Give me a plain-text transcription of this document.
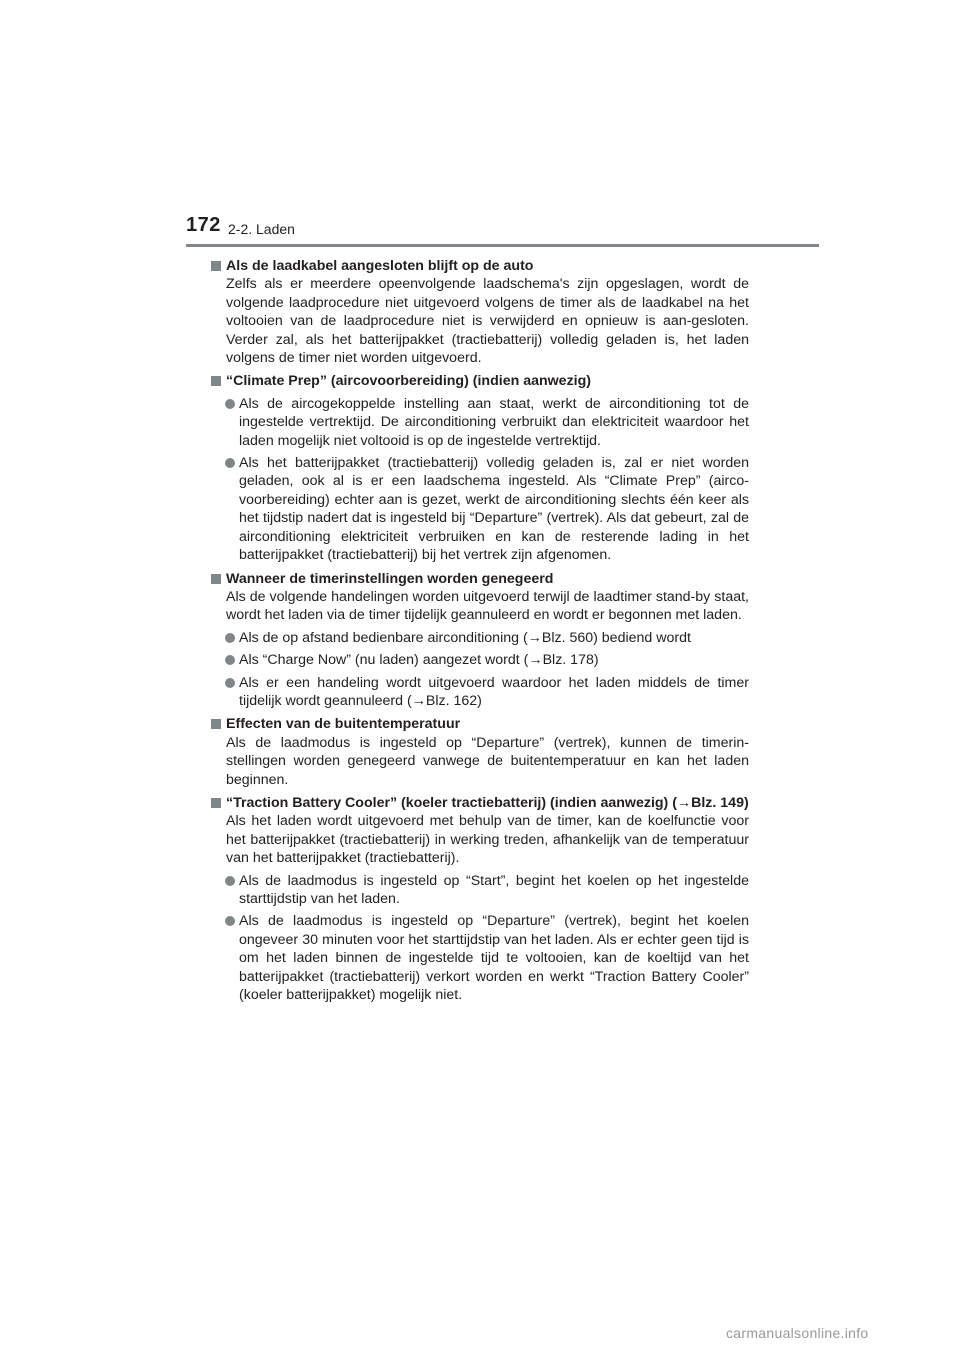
172 2-2. Laden
Als de laadkabel aangesloten blijft op de auto
Zelfs als er meerdere opeenvolgende laadschema's zijn opgeslagen, wordt de volgende laadprocedure niet uitgevoerd volgens de timer als de laadkabel na het voltooien van de laadprocedure niet is verwijderd en opnieuw is aan-gesloten. Verder zal, als het batterijpakket (tractiebatterij) volledig geladen is, het laden volgens de timer niet worden uitgevoerd.
“Climate Prep” (aircovoorbereiding) (indien aanwezig)
Als de aircogekoppelde instelling aan staat, werkt de airconditioning tot de ingestelde vertrektijd. De airconditioning verbruikt dan elektriciteit waardoor het laden mogelijk niet voltooid is op de ingestelde vertrektijd.
Als het batterijpakket (tractiebatterij) volledig geladen is, zal er niet worden geladen, ook al is er een laadschema ingesteld. Als “Climate Prep” (airco-voorbereiding) echter aan is gezet, werkt de airconditioning slechts één keer als het tijdstip nadert dat is ingesteld bij “Departure” (vertrek). Als dat gebeurt, zal de airconditioning elektriciteit verbruiken en kan de resterende lading in het batterijpakket (tractiebatterij) bij het vertrek zijn afgenomen.
Wanneer de timerinstellingen worden genegeerd
Als de volgende handelingen worden uitgevoerd terwijl de laadtimer stand-by staat, wordt het laden via de timer tijdelijk geannuleerd en wordt er begonnen met laden.
Als de op afstand bedienbare airconditioning (→Blz. 560) bediend wordt
Als “Charge Now” (nu laden) aangezet wordt (→Blz. 178)
Als er een handeling wordt uitgevoerd waardoor het laden middels de timer tijdelijk wordt geannuleerd (→Blz. 162)
Effecten van de buitentemperatuur
Als de laadmodus is ingesteld op “Departure” (vertrek), kunnen de timerin-stellingen worden genegeerd vanwege de buitentemperatuur en kan het laden beginnen.
“Traction Battery Cooler” (koeler tractiebatterij) (indien aanwezig) (→Blz. 149)
Als het laden wordt uitgevoerd met behulp van de timer, kan de koelfunctie voor het batterijpakket (tractiebatterij) in werking treden, afhankelijk van de temperatuur van het batterijpakket (tractiebatterij).
Als de laadmodus is ingesteld op “Start”, begint het koelen op het ingestelde starttijdstip van het laden.
Als de laadmodus is ingesteld op “Departure” (vertrek), begint het koelen ongeveer 30 minuten voor het starttijdstip van het laden. Als er echter geen tijd is om het laden binnen de ingestelde tijd te voltooien, kan de koeltijd van het batterijpakket (tractiebatterij) verkort worden en werkt “Traction Battery Cooler” (koeler batterijpakket) mogelijk niet.
carmanualsonline.info
